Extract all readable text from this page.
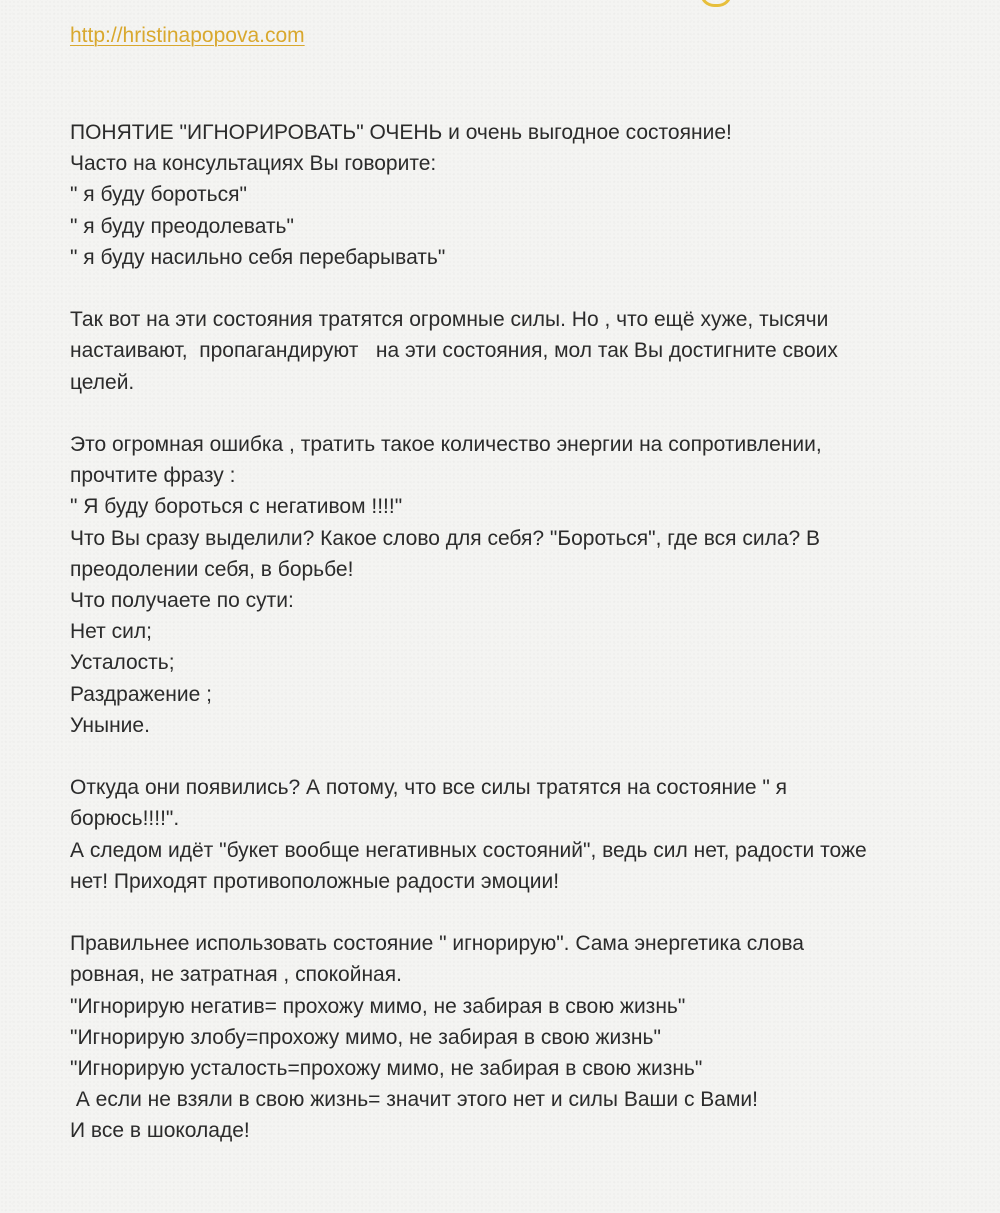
http://hristinapopova.com
ПОНЯТИЕ "ИГНОРИРОВАТЬ" ОЧЕНЬ и очень выгодное состояние!
Часто на консультациях Вы говорите:
" я буду бороться"
" я буду преодолевать"
" я буду насильно себя перебарывать"
Так вот на эти состояния тратятся огромные силы. Но , что ещё хуже, тысячи
настаивают,  пропагандируют   на эти состояния, мол так Вы достигните своих
целей.
Это огромная ошибка , тратить такое количество энергии на сопротивлении,
прочтите фразу :
" Я буду бороться с негативом !!!!"
Что Вы сразу выделили? Какое слово для себя? "Бороться", где вся сила? В
преодолении себя, в борьбе!
Что получаете по сути:
Нет сил;
Усталость;
Раздражение ;
Уныние.
Откуда они появились? А потому, что все силы тратятся на состояние " я
борюсь!!!!".
А следом идёт "букет вообще негативных состояний", ведь сил нет, радости тоже
нет! Приходят противоположные радости эмоции!
Правильнее использовать состояние " игнорирую". Сама энергетика слова
ровная, не затратная , спокойная.
"Игнорирую негатив= прохожу мимо, не забирая в свою жизнь"
"Игнорирую злобу=прохожу мимо, не забирая в свою жизнь"
"Игнорирую усталость=прохожу мимо, не забирая в свою жизнь"
А если не взяли в свою жизнь= значит этого нет и силы Ваши с Вами!
И все в шоколаде!
